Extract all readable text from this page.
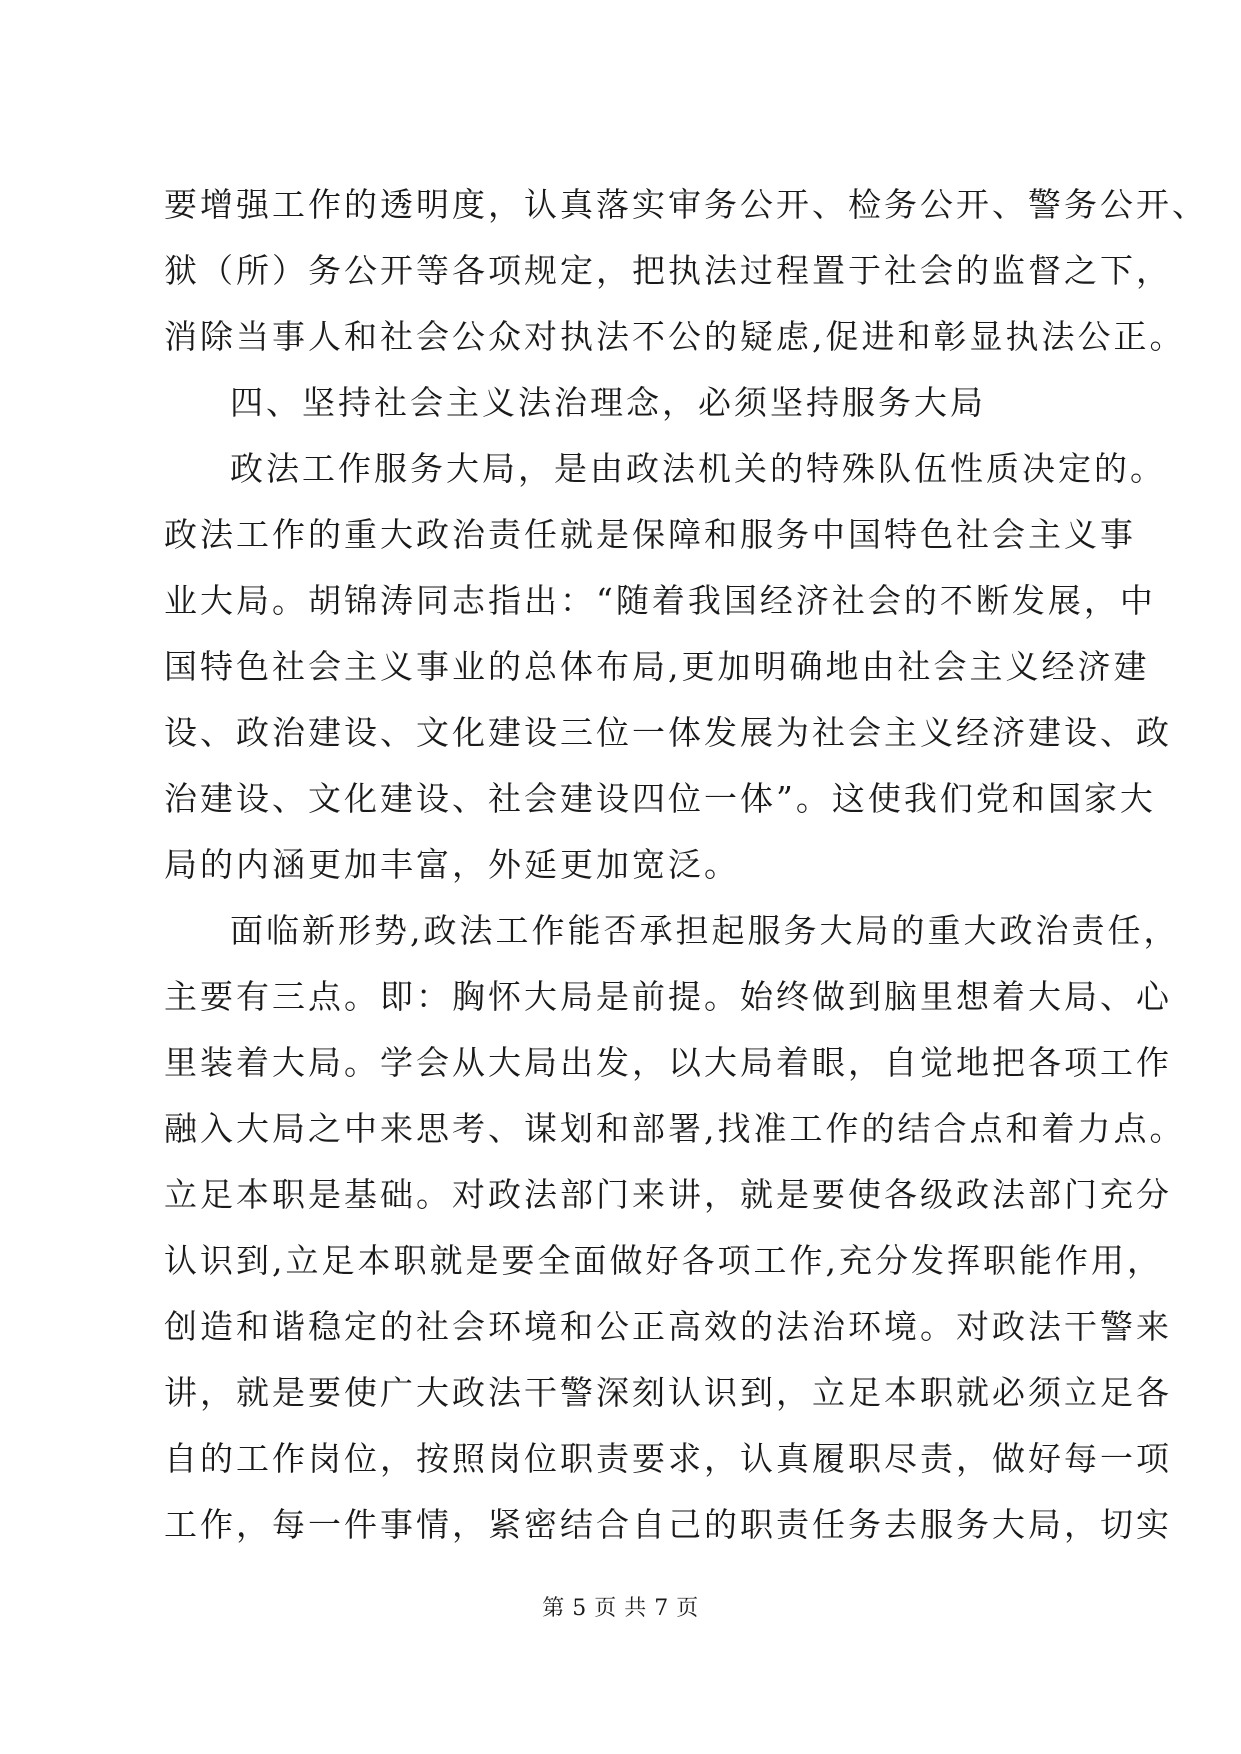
要增强工作的透明度，认真落实审务公开、检务公开、警务公开、
狱（所）务公开等各项规定，把执法过程置于社会的监督之下，
消除当事人和社会公众对执法不公的疑虑,促进和彰显执法公正。
四、坚持社会主义法治理念，必须坚持服务大局
政法工作服务大局，是由政法机关的特殊队伍性质决定的。
政法工作的重大政治责任就是保障和服务中国特色社会主义事
业大局。胡锦涛同志指出：“随着我国经济社会的不断发展，中
国特色社会主义事业的总体布局,更加明确地由社会主义经济建
设、政治建设、文化建设三位一体发展为社会主义经济建设、政
治建设、文化建设、社会建设四位一体”。这使我们党和国家大
局的内涵更加丰富，外延更加宽泛。
面临新形势,政法工作能否承担起服务大局的重大政治责任，
主要有三点。即：胸怀大局是前提。始终做到脑里想着大局、心
里装着大局。学会从大局出发，以大局着眼，自觉地把各项工作
融入大局之中来思考、谋划和部署,找准工作的结合点和着力点。
立足本职是基础。对政法部门来讲，就是要使各级政法部门充分
认识到,立足本职就是要全面做好各项工作,充分发挥职能作用，
创造和谐稳定的社会环境和公正高效的法治环境。对政法干警来
讲，就是要使广大政法干警深刻认识到，立足本职就必须立足各
自的工作岗位，按照岗位职责要求，认真履职尽责，做好每一项
工作，每一件事情，紧密结合自己的职责任务去服务大局，切实
第 5 页 共 7 页
